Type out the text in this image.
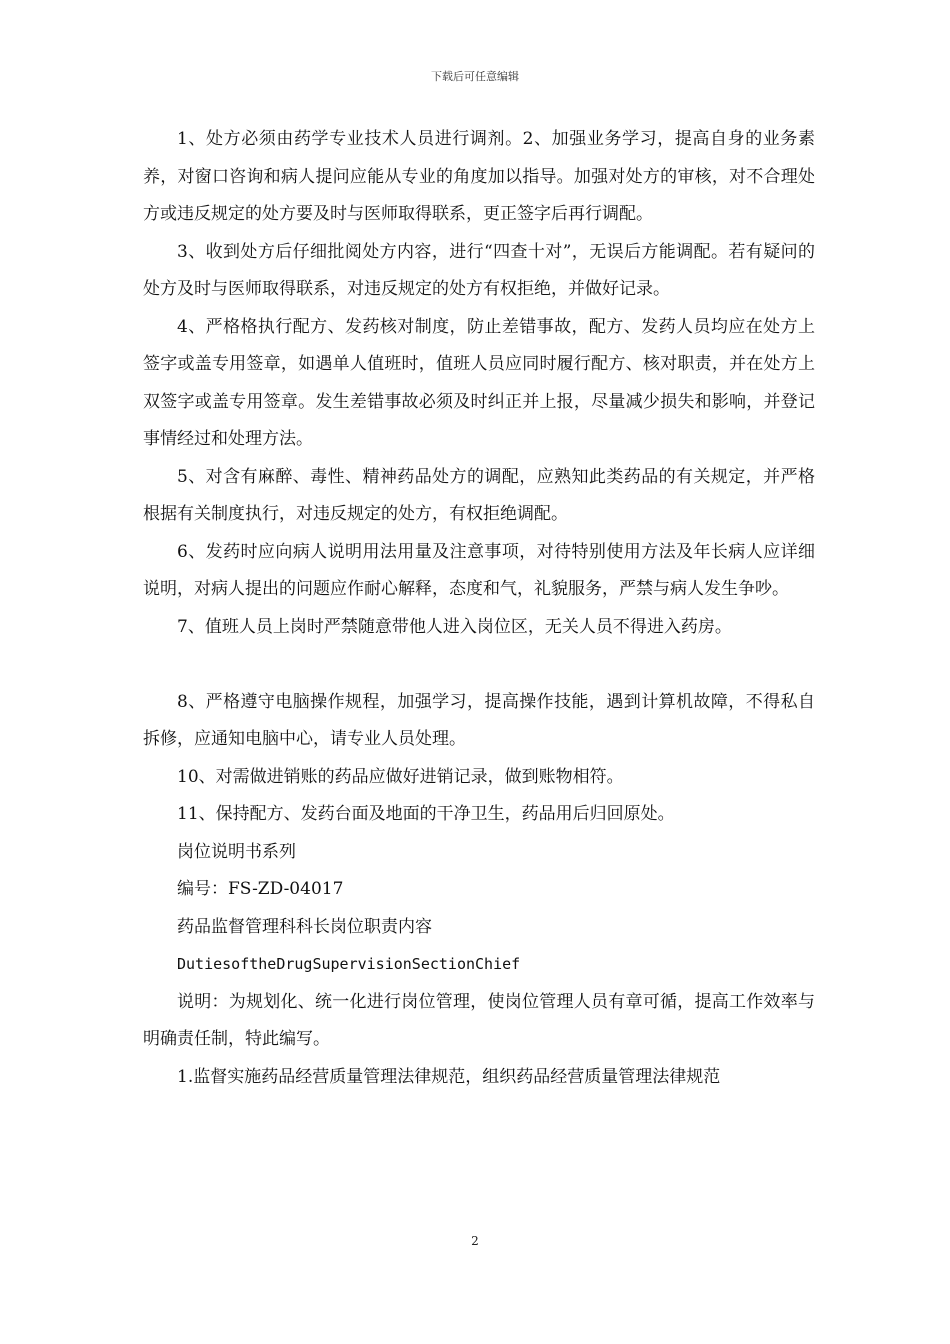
下载后可任意编辑

1、处方必须由药学专业技术人员进行调剂。2、加强业务学习，提高自身的业务素养，对窗口咨询和病人提问应能从专业的角度加以指导。加强对处方的审核，对不合理处方或违反规定的处方要及时与医师取得联系，更正签字后再行调配。

3、收到处方后仔细批阅处方内容，进行“四查十对”，无误后方能调配。若有疑问的处方及时与医师取得联系，对违反规定的处方有权拒绝，并做好记录。

4、严格格执行配方、发药核对制度，防止差错事故，配方、发药人员均应在处方上签字或盖专用签章，如遇单人值班时，值班人员应同时履行配方、核对职责，并在处方上双签字或盖专用签章。发生差错事故必须及时纠正并上报，尽量减少损失和影响，并登记事情经过和处理方法。

5、对含有麻醉、毒性、精神药品处方的调配，应熟知此类药品的有关规定，并严格根据有关制度执行，对违反规定的处方，有权拒绝调配。

6、发药时应向病人说明用法用量及注意事项，对待特别使用方法及年长病人应详细说明，对病人提出的问题应作耐心解释，态度和气，礼貌服务，严禁与病人发生争吵。

7、值班人员上岗时严禁随意带他人进入岗位区，无关人员不得进入药房。

8、严格遵守电脑操作规程，加强学习，提高操作技能，遇到计算机故障，不得私自拆修，应通知电脑中心，请专业人员处理。

10、对需做进销账的药品应做好进销记录，做到账物相符。

11、保持配方、发药台面及地面的干净卫生，药品用后归回原处。

岗位说明书系列

编号：FS-ZD-04017

药品监督管理科科长岗位职责内容

DutiesoftheDrugSupervisionSectionChief

说明：为规划化、统一化进行岗位管理，使岗位管理人员有章可循，提高工作效率与明确责任制，特此编写。

1.监督实施药品经营质量管理法律规范，组织药品经营质量管理法律规范

2
